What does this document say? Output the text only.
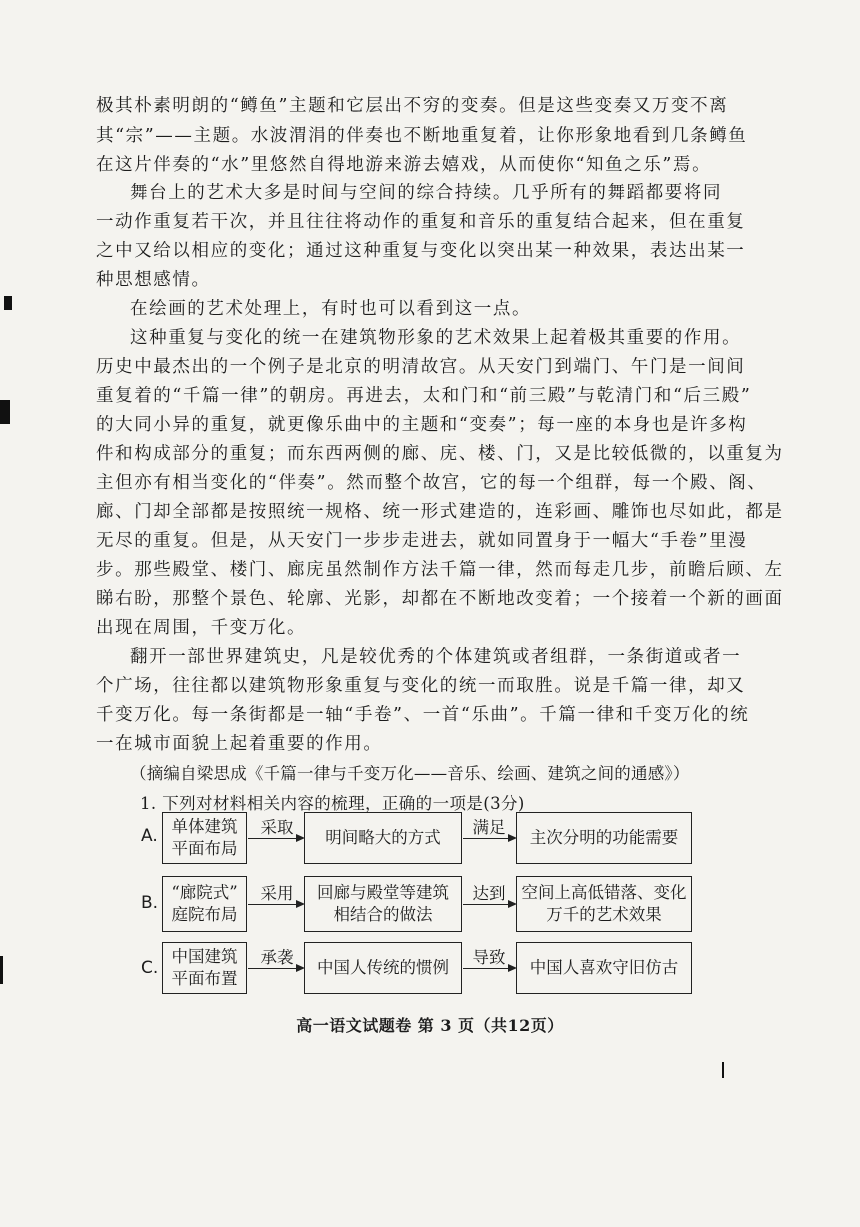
极其朴素明朗的“鳟鱼”主题和它层出不穷的变奏。但是这些变奏又万变不离
其“宗”——主题。水波渭涓的伴奏也不断地重复着，让你形象地看到几条鳟鱼
在这片伴奏的“水”里悠然自得地游来游去嬉戏，从而使你“知鱼之乐”焉。
舞台上的艺术大多是时间与空间的综合持续。几乎所有的舞蹈都要将同
一动作重复若干次，并且往往将动作的重复和音乐的重复结合起来，但在重复
之中又给以相应的变化；通过这种重复与变化以突出某一种效果，表达出某一
种思想感情。
在绘画的艺术处理上，有时也可以看到这一点。
这种重复与变化的统一在建筑物形象的艺术效果上起着极其重要的作用。
历史中最杰出的一个例子是北京的明清故宫。从天安门到端门、午门是一间间
重复着的“千篇一律”的朝房。再进去，太和门和“前三殿”与乾清门和“后三殿”
的大同小异的重复，就更像乐曲中的主题和“变奏”；每一座的本身也是许多构
件和构成部分的重复；而东西两侧的廊、庑、楼、门，又是比较低微的，以重复为
主但亦有相当变化的“伴奏”。然而整个故宫，它的每一个组群，每一个殿、阁、
廊、门却全部都是按照统一规格、统一形式建造的，连彩画、雕饰也尽如此，都是
无尽的重复。但是，从天安门一步步走进去，就如同置身于一幅大“手卷”里漫
步。那些殿堂、楼门、廊庑虽然制作方法千篇一律，然而每走几步，前瞻后顾、左
睇右盼，那整个景色、轮廓、光影，却都在不断地改变着；一个接着一个新的画面
出现在周围，千变万化。
翻开一部世界建筑史，凡是较优秀的个体建筑或者组群，一条街道或者一
个广场，往往都以建筑物形象重复与变化的统一而取胜。说是千篇一律，却又
千变万化。每一条街都是一轴“手卷”、一首“乐曲”。千篇一律和千变万化的统
一在城市面貌上起着重要的作用。
（摘编自梁思成《千篇一律与千变万化——音乐、绘画、建筑之间的通感》）
1. 下列对材料相关内容的梳理，正确的一项是(3分)
A. 单体建筑
平面布局
采取
明间略大的方式
满足
主次分明的功能需要
B.
“廊院式”
庭院布局
采用	回廊与殿堂等建筑
相结合的做法
达到 空间上高低错落、变化
万千的艺术效果
C.
中国建筑
平面布置
承袭
中国人传统的惯例
导致
中国人喜欢守旧仿古
高一语文试题卷 第 3 页（共12页）
